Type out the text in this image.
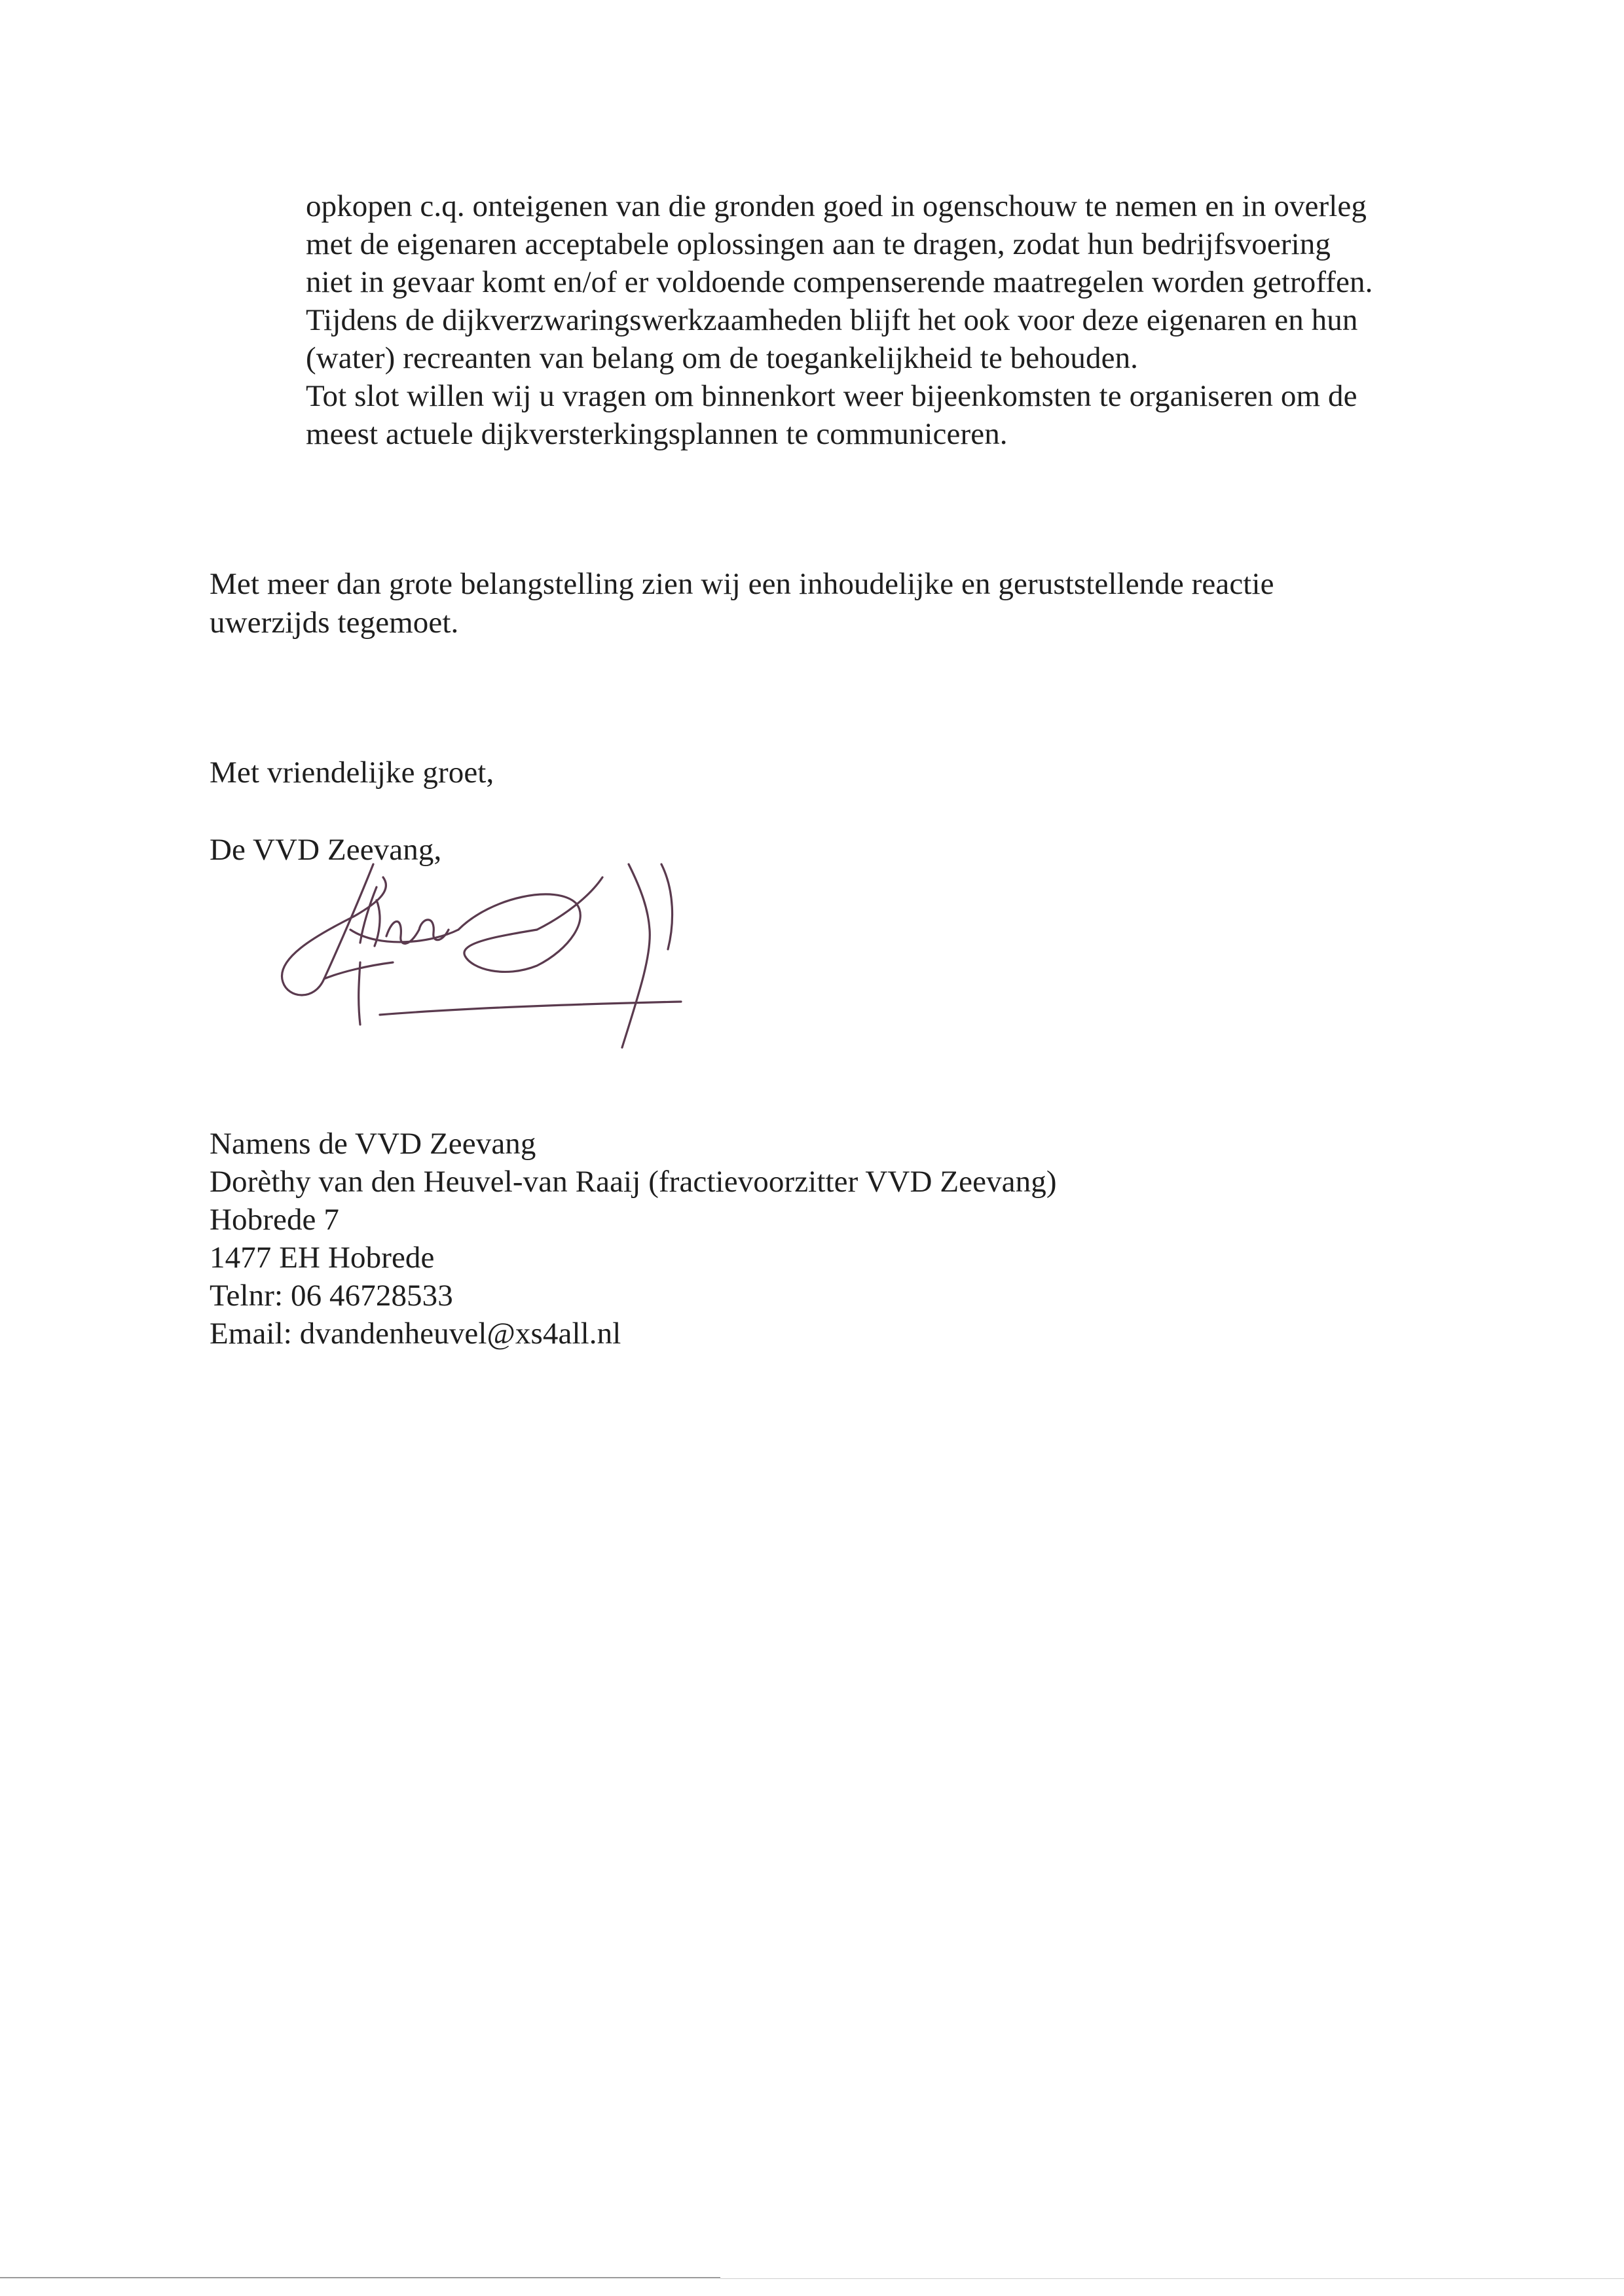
opkopen c.q. onteigenen van die gronden goed in ogenschouw te nemen en in overleg
met de eigenaren acceptabele oplossingen aan te dragen, zodat hun bedrijfsvoering
niet in gevaar komt en/of er voldoende compenserende maatregelen worden getroffen.
Tijdens de dijkverzwaringswerkzaamheden blijft het ook voor deze eigenaren en hun
(water) recreanten van belang om de toegankelijkheid te behouden.
Tot slot willen wij u vragen om binnenkort weer bijeenkomsten te organiseren om de
meest actuele dijkversterkingsplannen te communiceren.
Met meer dan grote belangstelling zien wij een inhoudelijke en geruststellende reactie
uwerzijds tegemoet.
Met vriendelijke groet,
De VVD Zeevang,
Namens de VVD Zeevang
Dorèthy van den Heuvel-van Raaij (fractievoorzitter VVD Zeevang)
Hobrede 7
1477 EH Hobrede
Telnr: 06 46728533
Email: dvandenheuvel@xs4all.nl
